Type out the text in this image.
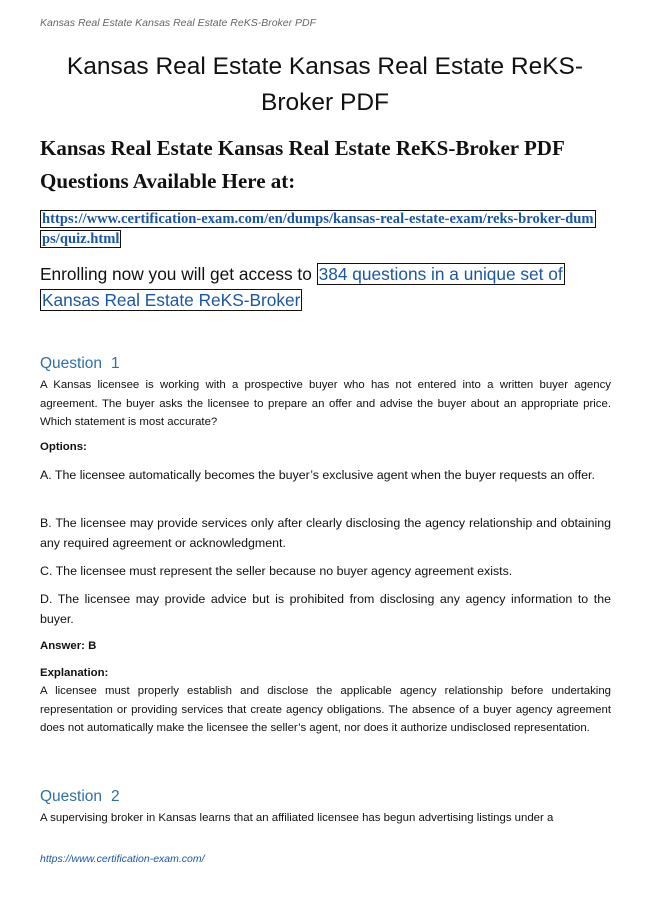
Kansas Real Estate Kansas Real Estate ReKS-Broker PDF
Kansas Real Estate Kansas Real Estate ReKS-Broker PDF
Kansas Real Estate Kansas Real Estate ReKS-Broker PDF Questions Available Here at:
https://www.certification-exam.com/en/dumps/kansas-real-estate-exam/reks-broker-dumps/quiz.html
Enrolling now you will get access to 384 questions in a unique set of Kansas Real Estate ReKS-Broker
Question 1
A Kansas licensee is working with a prospective buyer who has not entered into a written buyer agency agreement. The buyer asks the licensee to prepare an offer and advise the buyer about an appropriate price. Which statement is most accurate?
Options:
A. The licensee automatically becomes the buyer’s exclusive agent when the buyer requests an offer.
B. The licensee may provide services only after clearly disclosing the agency relationship and obtaining any required agreement or acknowledgment.
C. The licensee must represent the seller because no buyer agency agreement exists.
D. The licensee may provide advice but is prohibited from disclosing any agency information to the buyer.
Answer: B
Explanation:
A licensee must properly establish and disclose the applicable agency relationship before undertaking representation or providing services that create agency obligations. The absence of a buyer agency agreement does not automatically make the licensee the seller’s agent, nor does it authorize undisclosed representation.
Question 2
A supervising broker in Kansas learns that an affiliated licensee has begun advertising listings under a
https://www.certification-exam.com/
